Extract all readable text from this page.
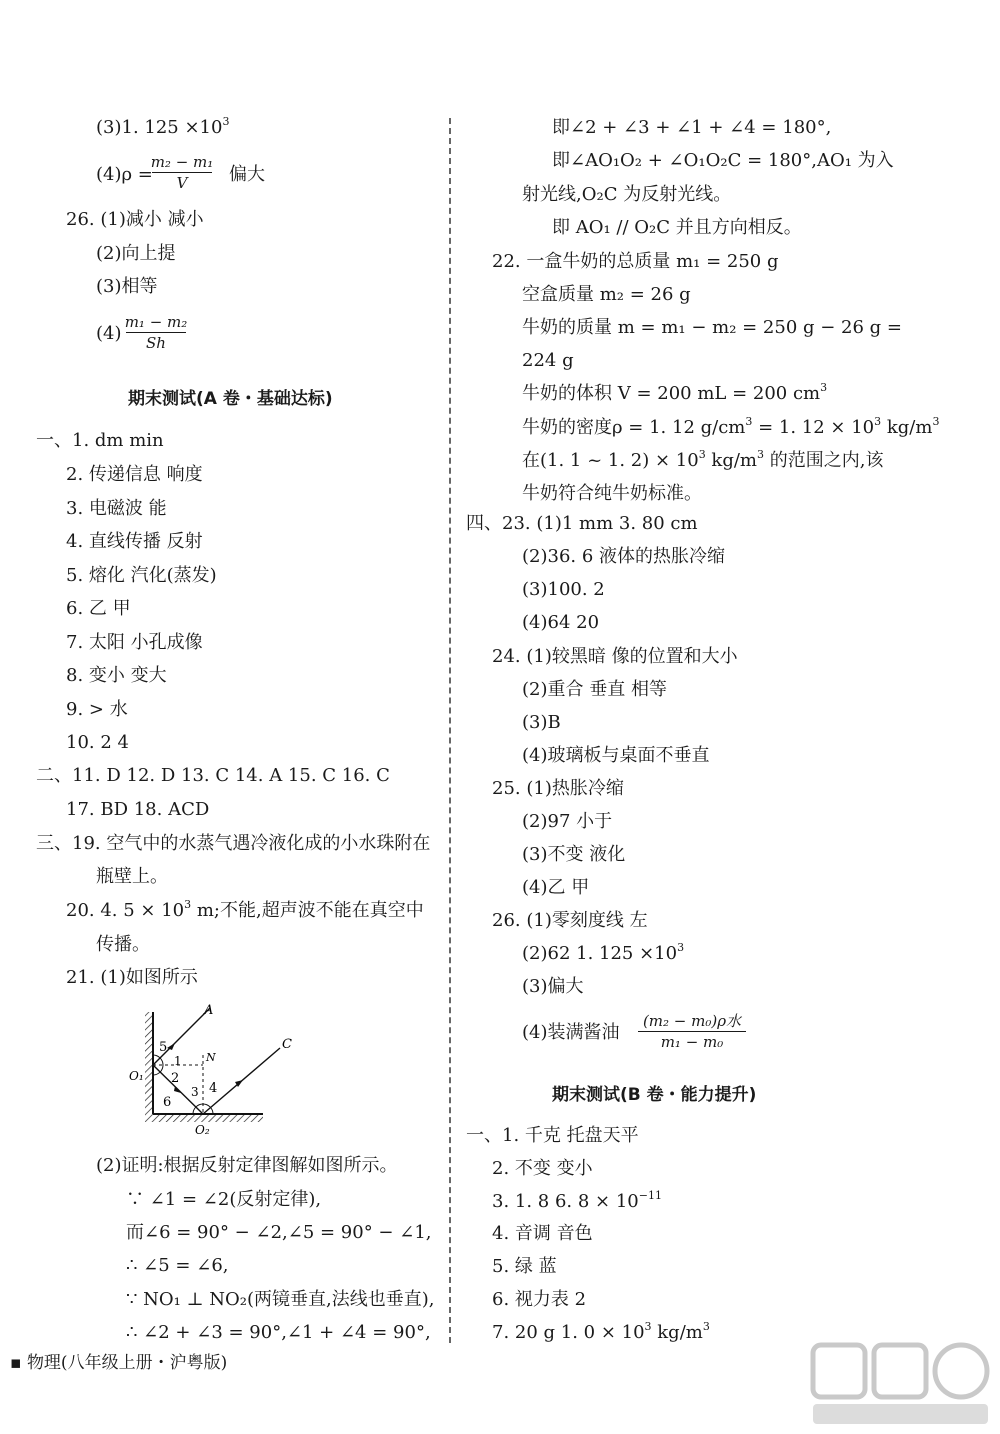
(3)1. $125 \times 10^3$
(4)ρ =
m₂ − m₁
V	偏大
26. (1)减小 减小
(2)向上提
(3)相等
(4)
m₁ − m₂
Sh
期末测试(A 卷・基础达标)
一、1. dm min
2. 传递信息 响度
3. 电磁波 能
4. 直线传播 反射
5. 熔化 汽化(蒸发)
6. 乙 甲
7. 太阳 小孔成像
8. 变小 变大
9. > 水
10. 2 4
二、11. D 12. D 13. C 14. A 15. C 16. C
17. BD 18. ACD
三、19. 空气中的水蒸气遇冷液化成的小水珠附在
瓶壁上。
20. 4. $5 \times 10^3$ m;不能,超声波不能在真空中
传播。
21. (1)如图所示
A
C
N
O₁
O₂
5
1
2
3 4
6
(2)证明:根据反射定律图解如图所示。
∵ ∠1 = ∠2(反射定律),
而∠6 = 90° − ∠2,∠5 = 90° − ∠1,
∴ ∠5 = ∠6,
∵ NO₁ ⊥ NO₂(两镜垂直,法线也垂直),
∴ ∠2 + ∠3 = 90°,∠1 + ∠4 = 90°,
即∠2 + ∠3 + ∠1 + ∠4 = 180°,
即∠AO₁O₂ + ∠O₁O₂C = 180°,AO₁ 为入
射光线,O₂C 为反射光线。
即 AO₁ // O₂C 并且方向相反。
22. 一盒牛奶的总质量 m₁ = 250 g
空盒质量 m₂ = 26 g
牛奶的质量 m = m₁ − m₂ = 250 g − 26 g =
224 g
牛奶的体积 V = 200 mL = 200 $cm^3$
牛奶的密度ρ = 1. 12 $g/cm^3 = 1$. $12 \times 10^3$ $kg/m^3$
在(1. 1 ~ 1. $2) \times 10^3$ $kg/m^3$ 的范围之内,该
牛奶符合纯牛奶标准。
四、23. (1)1 mm 3. 80 cm
(2)36. 6 液体的热胀冷缩
(3)100. 2
(4)64 20
24. (1)较黑暗 像的位置和大小
(2)重合 垂直 相等
(3)B
(4)玻璃板与桌面不垂直
25. (1)热胀冷缩
(2)97 小于
(3)不变 液化
(4)乙 甲
26. (1)零刻度线 左
(2)62 1. $125 \times 10^3$
(3)偏大
(4)装满酱油
(m₂ − m₀)ρ水
m₁ − m₀
期末测试(B 卷・能力提升)
一、1. 千克 托盘天平
2. 不变 变小
3. 1. 8 6. $8 \times 10^{-11}$
4. 音调 音色
5. 绿 蓝
6. 视力表 2
7. 20 g 1. $0 \times 10^3$ $kg/m^3$
▪ 物理(八年级上册・沪粤版)
